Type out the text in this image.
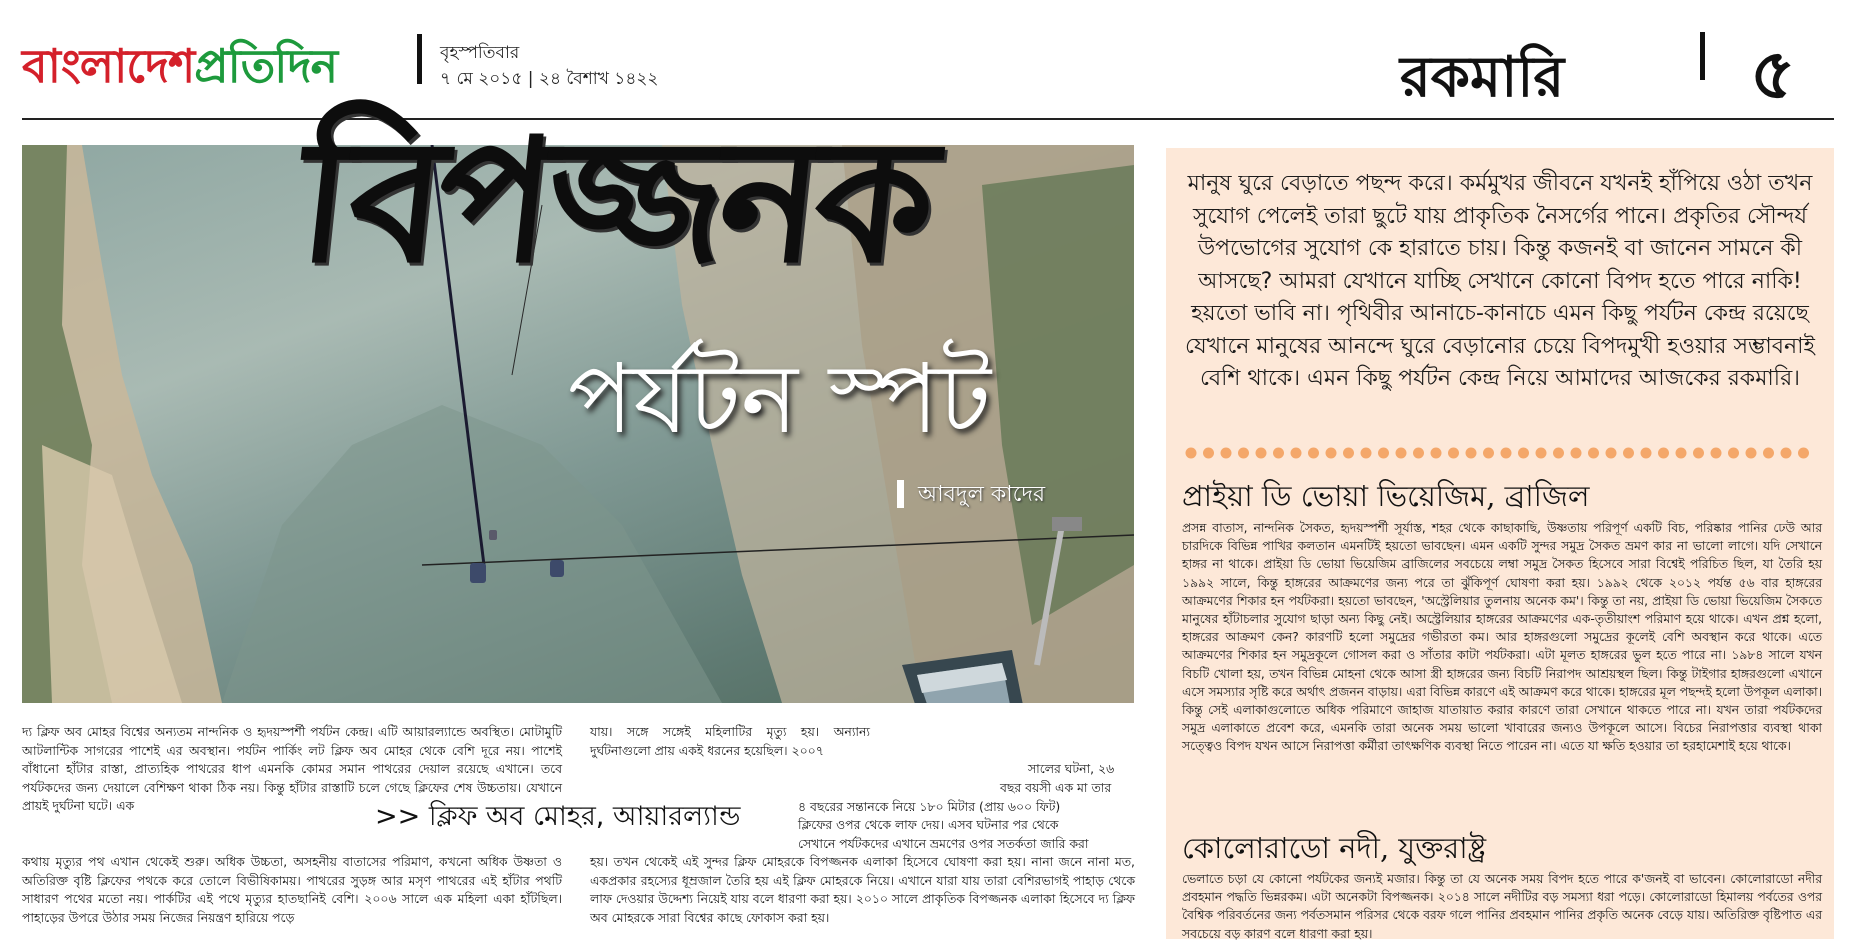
বাংলাদেশপ্রতিদিন	বৃহস্পতিবার
৭ মে ২০১৫ | ২৪ বৈশাখ ১৪২২	রকমারি	৫
বিপজ্জনক
পর্যটন স্পট
আবদুল কাদের
মানুষ ঘুরে বেড়াতে পছন্দ করে। কর্মমুখর জীবনে যখনই হাঁপিয়ে ওঠা তখন সুযোগ পেলেই তারা ছুটে যায় প্রাকৃতিক নৈসর্গের পানে। প্রকৃতির সৌন্দর্য উপভোগের সুযোগ কে হারাতে চায়। কিন্তু কজনই বা জানেন সামনে কী আসছে? আমরা যেখানে যাচ্ছি সেখানে কোনো বিপদ হতে পারে নাকি! হয়তো ভাবি না। পৃথিবীর আনাচে-কানাচে এমন কিছু পর্যটন কেন্দ্র রয়েছে যেখানে মানুষের আনন্দে ঘুরে বেড়ানোর চেয়ে বিপদমুখী হওয়ার সম্ভাবনাই বেশি থাকে। এমন কিছু পর্যটন কেন্দ্র নিয়ে আমাদের আজকের রকমারি।
প্রাইয়া ডি ভোয়া ভিয়েজিম, ব্রাজিল
প্রসন্ন বাতাস, নান্দনিক সৈকত, হৃদয়স্পর্শী সূর্যাস্ত, শহর থেকে কাছাকাছি, উষ্ণতায় পরিপূর্ণ একটি বিচ, পরিষ্কার পানির ঢেউ আর চারদিকে বিভিন্ন পাখির কলতান এমনটিই হয়তো ভাবছেন। এমন একটি সুন্দর সমুদ্র সৈকত ভ্রমণ কার না ভালো লাগে। যদি সেখানে হাঙ্গর না থাকে। প্রাইয়া ডি ভোয়া ভিয়েজিম ব্রাজিলের সবচেয়ে লম্বা সমুদ্র সৈকত হিসেবে সারা বিশ্বেই পরিচিত ছিল, যা তৈরি হয় ১৯৯২ সালে, কিন্তু হাঙ্গরের আক্রমণের জন্য পরে তা ঝুঁকিপূর্ণ ঘোষণা করা হয়। ১৯৯২ থেকে ২০১২ পর্যন্ত ৫৬ বার হাঙ্গরের আক্রমণের শিকার হন পর্যটকরা। হয়তো ভাবছেন, 'অস্ট্রেলিয়ার তুলনায় অনেক কম'। কিন্তু তা নয়, প্রাইয়া ডি ভোয়া ভিয়েজিম সৈকতে মানুষের হাঁটাচলার সুযোগ ছাড়া অন্য কিছু নেই। অস্ট্রেলিয়ার হাঙ্গরের আক্রমণের এক-তৃতীয়াংশ পরিমাণ হয়ে থাকে। এখন প্রশ্ন হলো, হাঙ্গরের আক্রমণ কেন? কারণটি হলো সমুদ্রের গভীরতা কম। আর হাঙ্গরগুলো সমুদ্রের কূলেই বেশি অবস্থান করে থাকে। এতে আক্রমণের শিকার হন সমুদ্রকূলে গোসল করা ও সাঁতার কাটা পর্যটকরা। এটা মূলত হাঙ্গরের ভুল হতে পারে না। ১৯৮৪ সালে যখন বিচটি খোলা হয়, তখন বিভিন্ন মোহনা থেকে আসা স্ত্রী হাঙ্গরের জন্য বিচটি নিরাপদ আশ্রয়স্থল ছিল। কিন্তু টাইগার হাঙ্গরগুলো এখানে এসে সমস্যার সৃষ্টি করে অর্থাৎ প্রজনন বাড়ায়। এরা বিভিন্ন কারণে এই আক্রমণ করে থাকে। হাঙ্গরের মূল পছন্দই হলো উপকূল এলাকা। কিন্তু সেই এলাকাগুলোতে অধিক পরিমাণে জাহাজ যাতায়াত করার কারণে তারা সেখানে থাকতে পারে না। যখন তারা পর্যটকদের সমুদ্র এলাকাতে প্রবেশ করে, এমনকি তারা অনেক সময় ভালো খাবারের জন্যও উপকূলে আসে। বিচের নিরাপত্তার ব্যবস্থা থাকা সত্ত্বেও বিপদ যখন আসে নিরাপত্তা কর্মীরা তাৎক্ষণিক ব্যবস্থা নিতে পারেন না। এতে যা ক্ষতি হওয়ার তা হরহামেশাই হয়ে থাকে।
কোলোরাডো নদী, যুক্তরাষ্ট্র
ভেলাতে চড়া যে কোনো পর্যটকের জন্যই মজার। কিন্তু তা যে অনেক সময় বিপদ হতে পারে ক'জনই বা ভাবেন। কোলোরাডো নদীর প্রবহমান পদ্ধতি ভিন্নরকম। এটা অনেকটা বিপজ্জনক। ২০১৪ সালে নদীটির বড় সমস্যা ধরা পড়ে। কোলোরাডো হিমালয় পর্বতের ওপর বৈশ্বিক পরিবর্তনের জন্য পর্বতসমান পরিসর থেকে বরফ গলে পানির প্রবহমান পানির প্রকৃতি অনেক বেড়ে যায়। অতিরিক্ত বৃষ্টিপাত এর সবচেয়ে বড় কারণ বলে ধারণা করা হয়।
দ্য ক্লিফ অব মোহর বিশ্বের অন্যতম নান্দনিক ও হৃদয়স্পর্শী পর্যটন কেন্দ্র। এটি আয়ারল্যান্ডে অবস্থিত। মোটামুটি আটলান্টিক সাগরের পাশেই এর অবস্থান। পর্যটন পার্কিং লট ক্লিফ অব মোহর থেকে বেশি দূরে নয়। পাশেই বাঁধানো হাঁটার রাস্তা, প্রাত্যহিক পাথরের ধাপ এমনকি কোমর সমান পাথরের দেয়াল রয়েছে এখানে। তবে পর্যটকদের জন্য দেয়ালে বেশিক্ষণ থাকা ঠিক নয়। কিন্তু হাঁটার রাস্তাটি চলে গেছে ক্লিফের শেষ উচ্চতায়। যেখানে প্রায়ই দুর্ঘটনা ঘটে। এক	>> ক্লিফ অব মোহর, আয়ারল্যান্ড
কথায় মৃত্যুর পথ এখান থেকেই শুরু। অধিক উচ্চতা, অসহনীয় বাতাসের পরিমাণ, কখনো অধিক উষ্ণতা ও অতিরিক্ত বৃষ্টি ক্লিফের পথকে করে তোলে বিভীষিকাময়। পাথরের সুড়ঙ্গ আর মসৃণ পাথরের এই হাঁটার পথটি সাধারণ পথের মতো নয়। পার্কটির এই পথে মৃত্যুর হাতছানিই বেশি। ২০০৬ সালে এক মহিলা একা হাঁটছিল। পাহাড়ের উপরে উঠার সময় নিজের নিয়ন্ত্রণ হারিয়ে পড়ে
যায়। সঙ্গে সঙ্গেই মহিলাটির মৃত্যু হয়। অন্যান্য দুর্ঘটনাগুলো প্রায় একই ধরনের হয়েছিল। ২০০৭
সালের ঘটনা, ২৬
বছর বয়সী এক মা তার
৪ বছরের সন্তানকে নিয়ে ১৮০ মিটার (প্রায় ৬০০ ফিট)
ক্লিফের ওপর থেকে লাফ দেয়। এসব ঘটনার পর থেকে
সেখানে পর্যটকদের এখানে ভ্রমণের ওপর সতর্কতা জারি করা
হয়। তখন থেকেই এই সুন্দর ক্লিফ মোহরকে বিপজ্জনক এলাকা হিসেবে ঘোষণা করা হয়। নানা জনে নানা মত, একপ্রকার রহস্যের ধূম্রজাল তৈরি হয় এই ক্লিফ মোহরকে নিয়ে। এখানে যারা যায় তারা বেশিরভাগই পাহাড় থেকে লাফ দেওয়ার উদ্দেশ্য নিয়েই যায় বলে ধারণা করা হয়। ২০১০ সালে প্রাকৃতিক বিপজ্জনক এলাকা হিসেবে দ্য ক্লিফ অব মোহরকে সারা বিশ্বের কাছে ফোকাস করা হয়।
